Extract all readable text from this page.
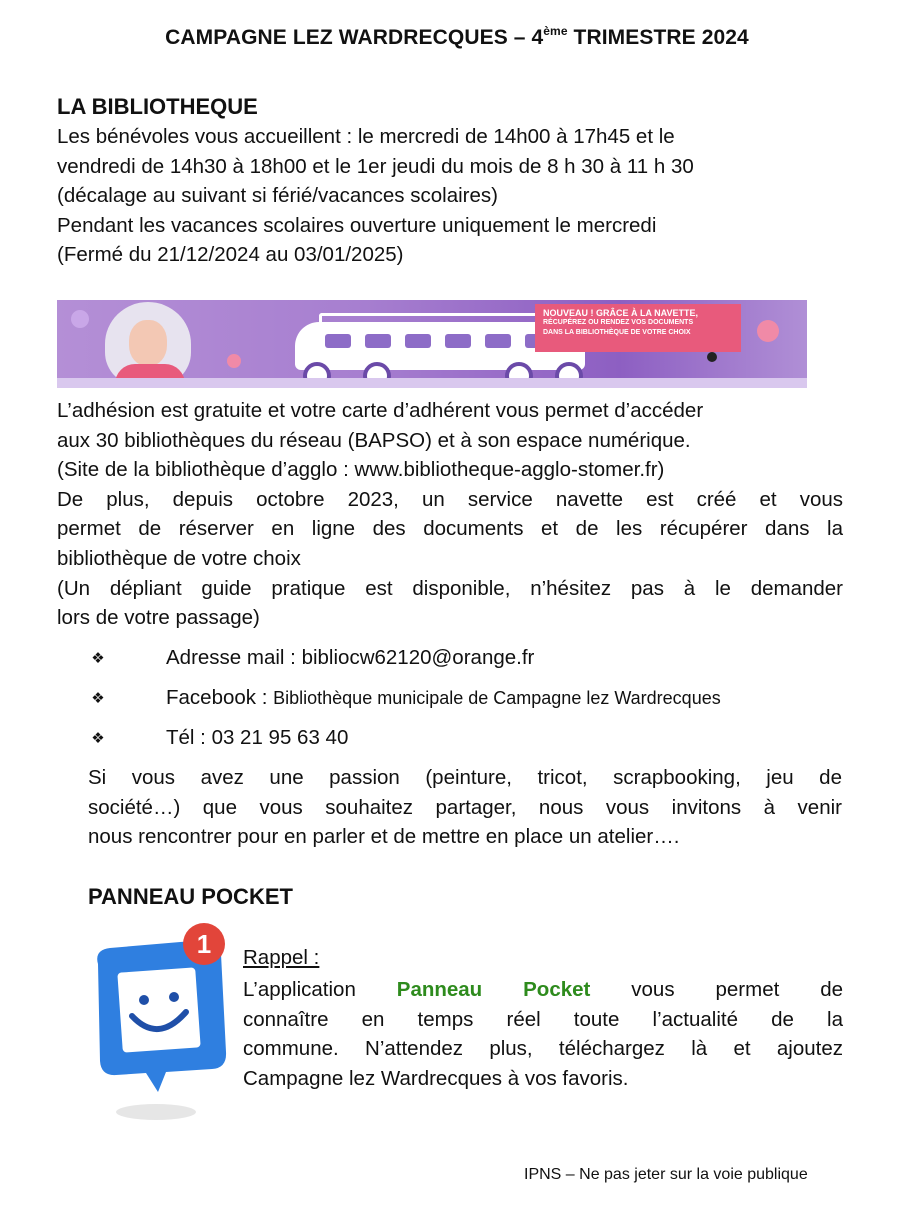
CAMPAGNE LEZ WARDRECQUES – 4ème TRIMESTRE 2024
LA BIBLIOTHEQUE
Les bénévoles vous accueillent : le mercredi de 14h00 à 17h45 et le
vendredi de 14h30 à 18h00 et le 1er jeudi du mois de 8 h 30 à 11 h 30
(décalage au suivant si férié/vacances scolaires)
Pendant les vacances scolaires ouverture uniquement le mercredi
(Fermé du 21/12/2024 au 03/01/2025)
NOUVEAU ! GRÂCE À LA NAVETTE,
RÉCUPÉREZ OU RENDEZ VOS DOCUMENTS
DANS LA BIBLIOTHÈQUE DE VOTRE CHOIX
L’adhésion est gratuite et votre carte d’adhérent vous permet d’accéder
aux 30 bibliothèques du réseau (BAPSO) et à son espace numérique.
(Site de la bibliothèque d’agglo : www.bibliotheque-agglo-stomer.fr)
De plus, depuis octobre 2023, un service navette est créé et vous
permet de réserver en ligne des documents et de les récupérer dans la
bibliothèque de votre choix
(Un dépliant guide pratique est disponible, n’hésitez pas à le demander
lors de votre passage)
❖	Adresse mail : bibliocw62120@orange.fr
❖	Facebook : Bibliothèque municipale de Campagne lez Wardrecques
❖	Tél : 03 21 95 63 40
Si vous avez une passion (peinture, tricot, scrapbooking, jeu de
société…) que vous souhaitez partager, nous vous invitons à venir
nous rencontrer pour en parler et de mettre en place un atelier….
PANNEAU POCKET
1 Rappel :
L’application Panneau Pocket vous permet de
connaître en temps réel toute l’actualité de la
commune. N’attendez plus, téléchargez là et ajoutez
Campagne lez Wardrecques à vos favoris.
IPNS – Ne pas jeter sur la voie publique
